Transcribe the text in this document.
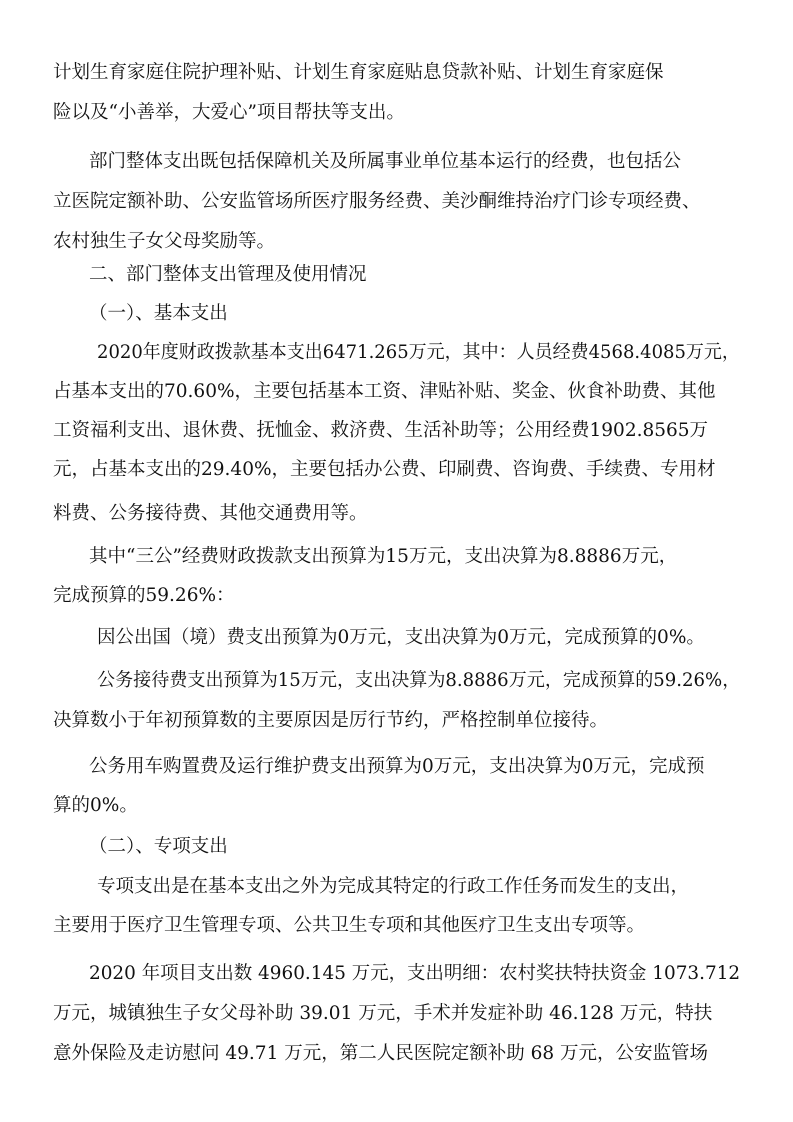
计划生育家庭住院护理补贴、计划生育家庭贴息贷款补贴、计划生育家庭保

险以及“小善举，大爱心”项目帮扶等支出。

部门整体支出既包括保障机关及所属事业单位基本运行的经费，也包括公

立医院定额补助、公安监管场所医疗服务经费、美沙酮维持治疗门诊专项经费、

农村独生子女父母奖励等。

二、部门整体支出管理及使用情况

（一）、基本支出

2020年度财政拨款基本支出6471.265万元，其中：人员经费4568.4085万元，

占基本支出的70.60%，主要包括基本工资、津贴补贴、奖金、伙食补助费、其他

工资福利支出、退休费、抚恤金、救济费、生活补助等；公用经费1902.8565万

元，占基本支出的29.40%，主要包括办公费、印刷费、咨询费、手续费、专用材

料费、公务接待费、其他交通费用等。

其中“三公”经费财政拨款支出预算为15万元，支出决算为8.8886万元，

完成预算的59.26%：

因公出国（境）费支出预算为0万元，支出决算为0万元，完成预算的0%。

公务接待费支出预算为15万元，支出决算为8.8886万元，完成预算的59.26%，

决算数小于年初预算数的主要原因是厉行节约，严格控制单位接待。

公务用车购置费及运行维护费支出预算为0万元，支出决算为0万元，完成预

算的0%。

（二）、专项支出

专项支出是在基本支出之外为完成其特定的行政工作任务而发生的支出，

主要用于医疗卫生管理专项、公共卫生专项和其他医疗卫生支出专项等。

2020 年项目支出数 4960.145 万元，支出明细：农村奖扶特扶资金 1073.712

万元，城镇独生子女父母补助 39.01 万元，手术并发症补助 46.128 万元，特扶

意外保险及走访慰问 49.71 万元，第二人民医院定额补助 68 万元，公安监管场
